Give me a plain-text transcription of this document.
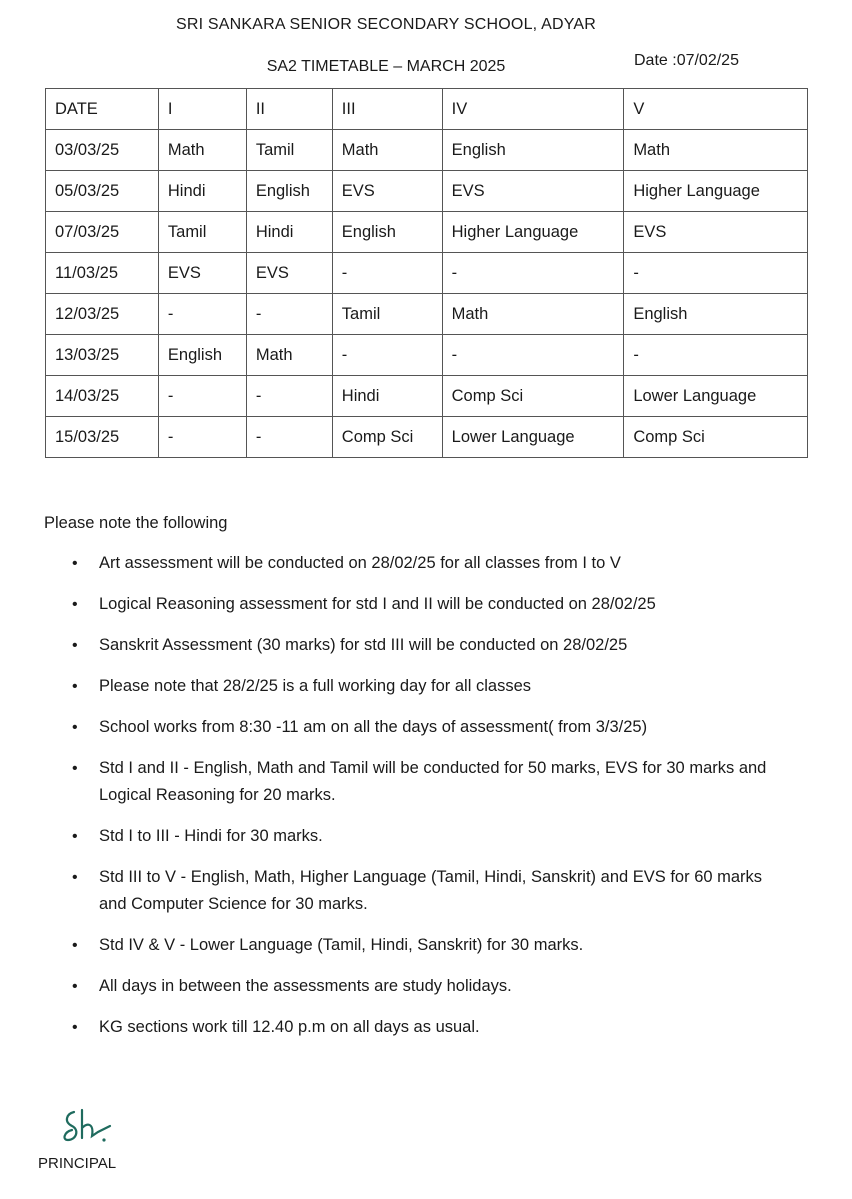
SRI SANKARA SENIOR SECONDARY SCHOOL, ADYAR
SA2 TIMETABLE – MARCH 2025	Date :07/02/25
DATE	I	II	III	IV	V
03/03/25	Math	Tamil	Math	English	Math
05/03/25	Hindi	English	EVS	EVS	Higher Language
07/03/25	Tamil	Hindi	English	Higher Language	EVS
11/03/25	EVS	EVS	-	-	-
12/03/25	-	-	Tamil	Math	English
13/03/25	English	Math	-	-	-
14/03/25	-	-	Hindi	Comp Sci	Lower Language
15/03/25	-	-	Comp Sci	Lower Language	Comp Sci
Please note the following
• Art assessment will be conducted on 28/02/25 for all classes from I to V
• Logical Reasoning assessment for std I and II will be conducted on 28/02/25
• Sanskrit Assessment (30 marks) for std III will be conducted on 28/02/25
• Please note that 28/2/25 is a full working day for all classes
• School works from 8:30 -11 am on all the days of assessment( from 3/3/25)
• Std I and II - English, Math and Tamil will be conducted for 50 marks, EVS for 30 marks and Logical Reasoning for 20 marks.
• Std I to III - Hindi for 30 marks.
• Std III to V - English, Math, Higher Language (Tamil, Hindi, Sanskrit) and EVS for 60 marks and Computer Science for 30 marks.
• Std IV & V - Lower Language (Tamil, Hindi, Sanskrit) for 30 marks.
• All days in between the assessments are study holidays.
• KG sections work till 12.40 p.m on all days as usual.
PRINCIPAL
